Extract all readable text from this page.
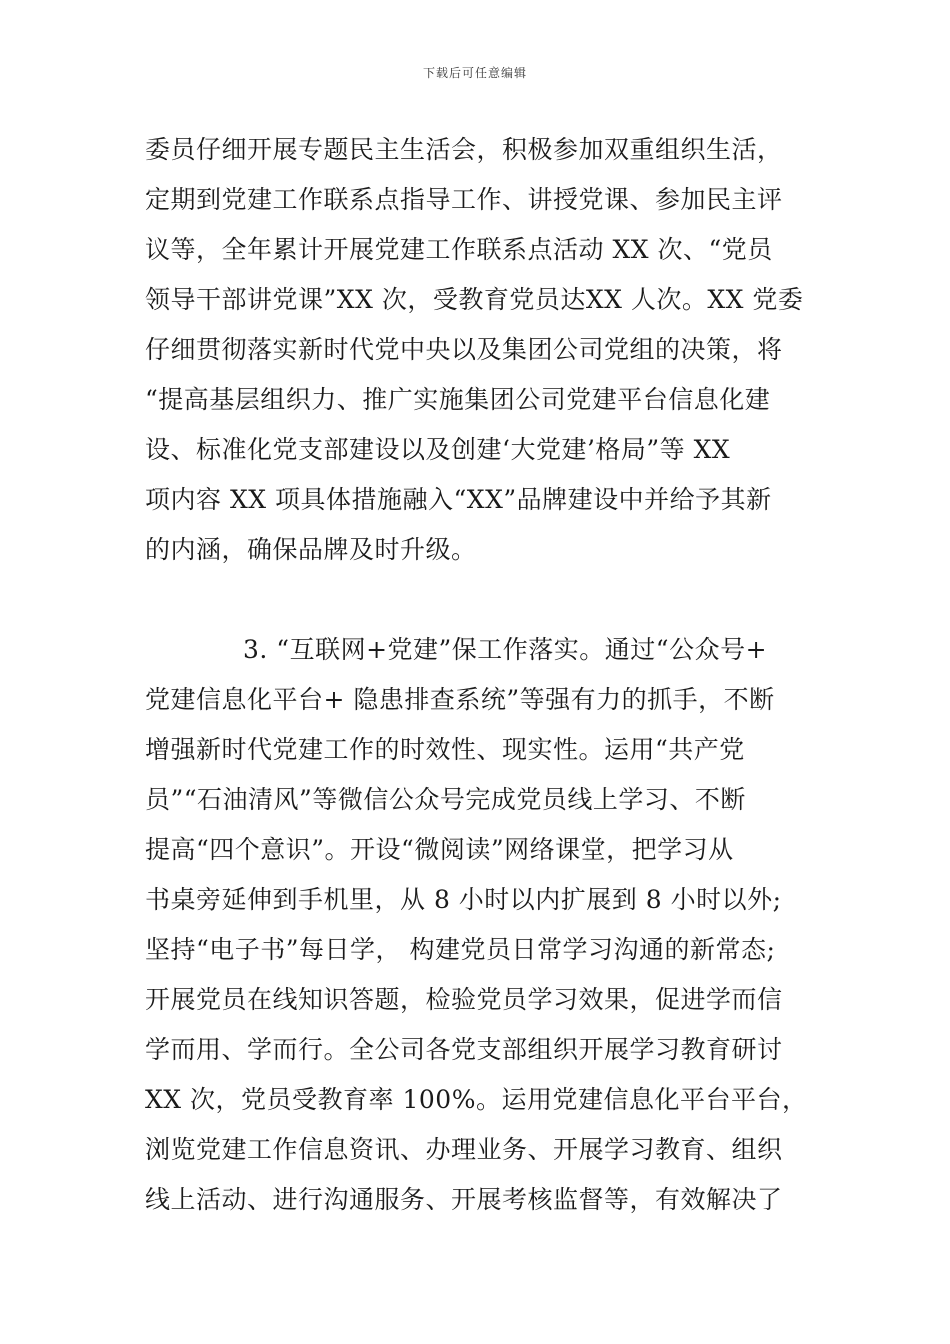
下载后可任意编辑
委员仔细开展专题民主生活会，积极参加双重组织生活，
定期到党建工作联系点指导工作、讲授党课、参加民主评
议等，全年累计开展党建工作联系点活动 XX 次、“党员
领导干部讲党课”XX 次，受教育党员达XX 人次。XX 党委
仔细贯彻落实新时代党中央以及集团公司党组的决策，将
“提高基层组织力、推广实施集团公司党建平台信息化建
设、标准化党支部建设以及创建‘大党建’格局”等 XX
项内容 XX 项具体措施融入“XX”品牌建设中并给予其新
的内涵，确保品牌及时升级。
3. “互联网+党建”保工作落实。通过“公众号+
党建信息化平台+ 隐患排查系统”等强有力的抓手，不断
增强新时代党建工作的时效性、现实性。运用“共产党
员”“石油清风”等微信公众号完成党员线上学习、不断
提高“四个意识”。开设“微阅读”网络课堂，把学习从
书桌旁延伸到手机里，从 8 小时以内扩展到 8 小时以外;
坚持“电子书”每日学， 构建党员日常学习沟通的新常态;
开展党员在线知识答题，检验党员学习效果，促进学而信
学而用、学而行。全公司各党支部组织开展学习教育研讨
XX 次，党员受教育率 100%。运用党建信息化平台平台，
浏览党建工作信息资讯、办理业务、开展学习教育、组织
线上活动、进行沟通服务、开展考核监督等，有效解决了
